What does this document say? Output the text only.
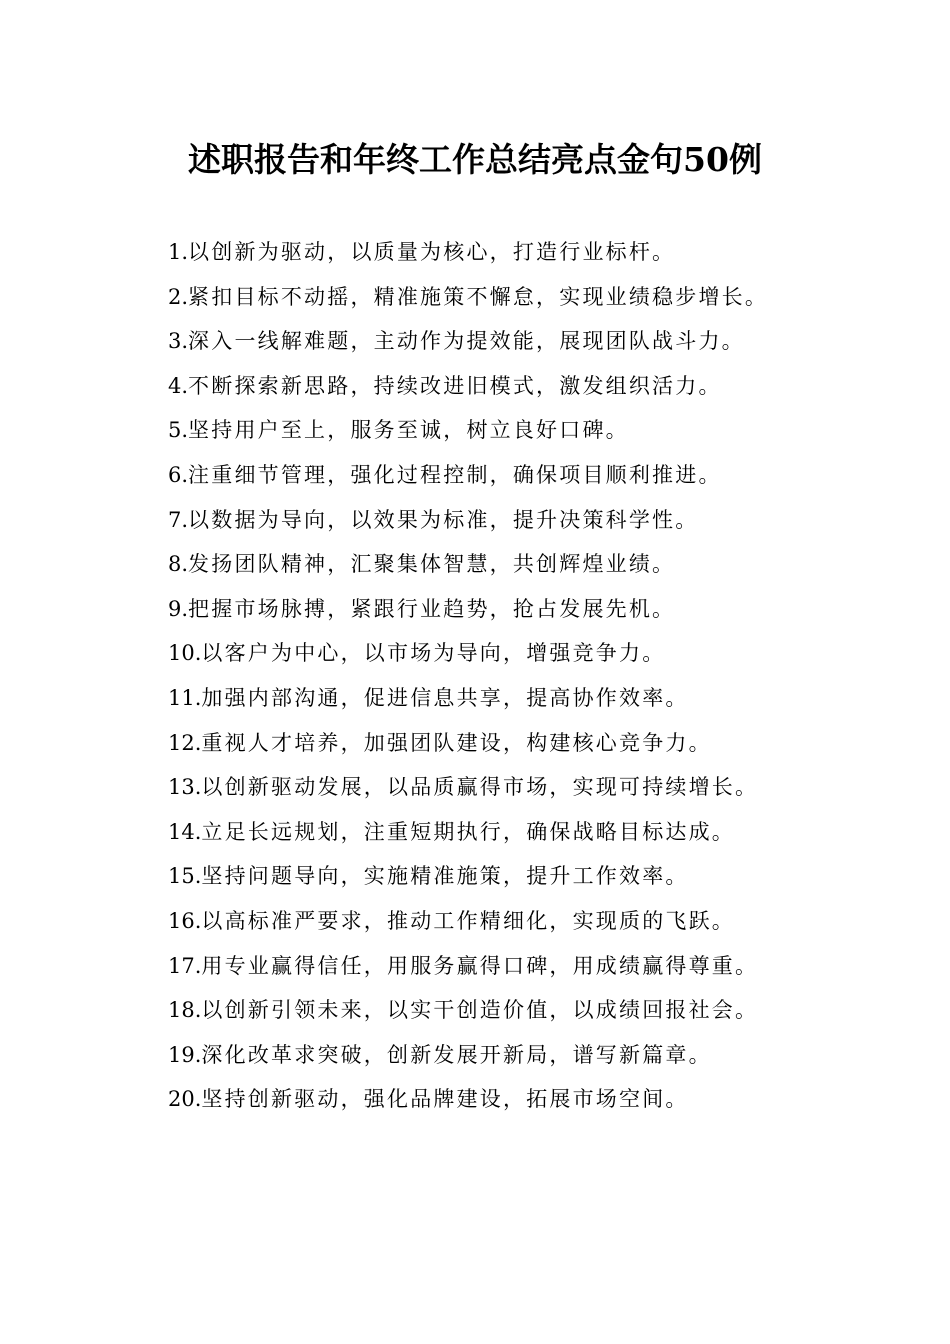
述职报告和年终工作总结亮点金句50例
1.以创新为驱动，以质量为核心，打造行业标杆。
2.紧扣目标不动摇，精准施策不懈怠，实现业绩稳步增长。
3.深入一线解难题，主动作为提效能，展现团队战斗力。
4.不断探索新思路，持续改进旧模式，激发组织活力。
5.坚持用户至上，服务至诚，树立良好口碑。
6.注重细节管理，强化过程控制，确保项目顺利推进。
7.以数据为导向，以效果为标准，提升决策科学性。
8.发扬团队精神，汇聚集体智慧，共创辉煌业绩。
9.把握市场脉搏，紧跟行业趋势，抢占发展先机。
10.以客户为中心，以市场为导向，增强竞争力。
11.加强内部沟通，促进信息共享，提高协作效率。
12.重视人才培养，加强团队建设，构建核心竞争力。
13.以创新驱动发展，以品质赢得市场，实现可持续增长。
14.立足长远规划，注重短期执行，确保战略目标达成。
15.坚持问题导向，实施精准施策，提升工作效率。
16.以高标准严要求，推动工作精细化，实现质的飞跃。
17.用专业赢得信任，用服务赢得口碑，用成绩赢得尊重。
18.以创新引领未来，以实干创造价值，以成绩回报社会。
19.深化改革求突破，创新发展开新局，谱写新篇章。
20.坚持创新驱动，强化品牌建设，拓展市场空间。
